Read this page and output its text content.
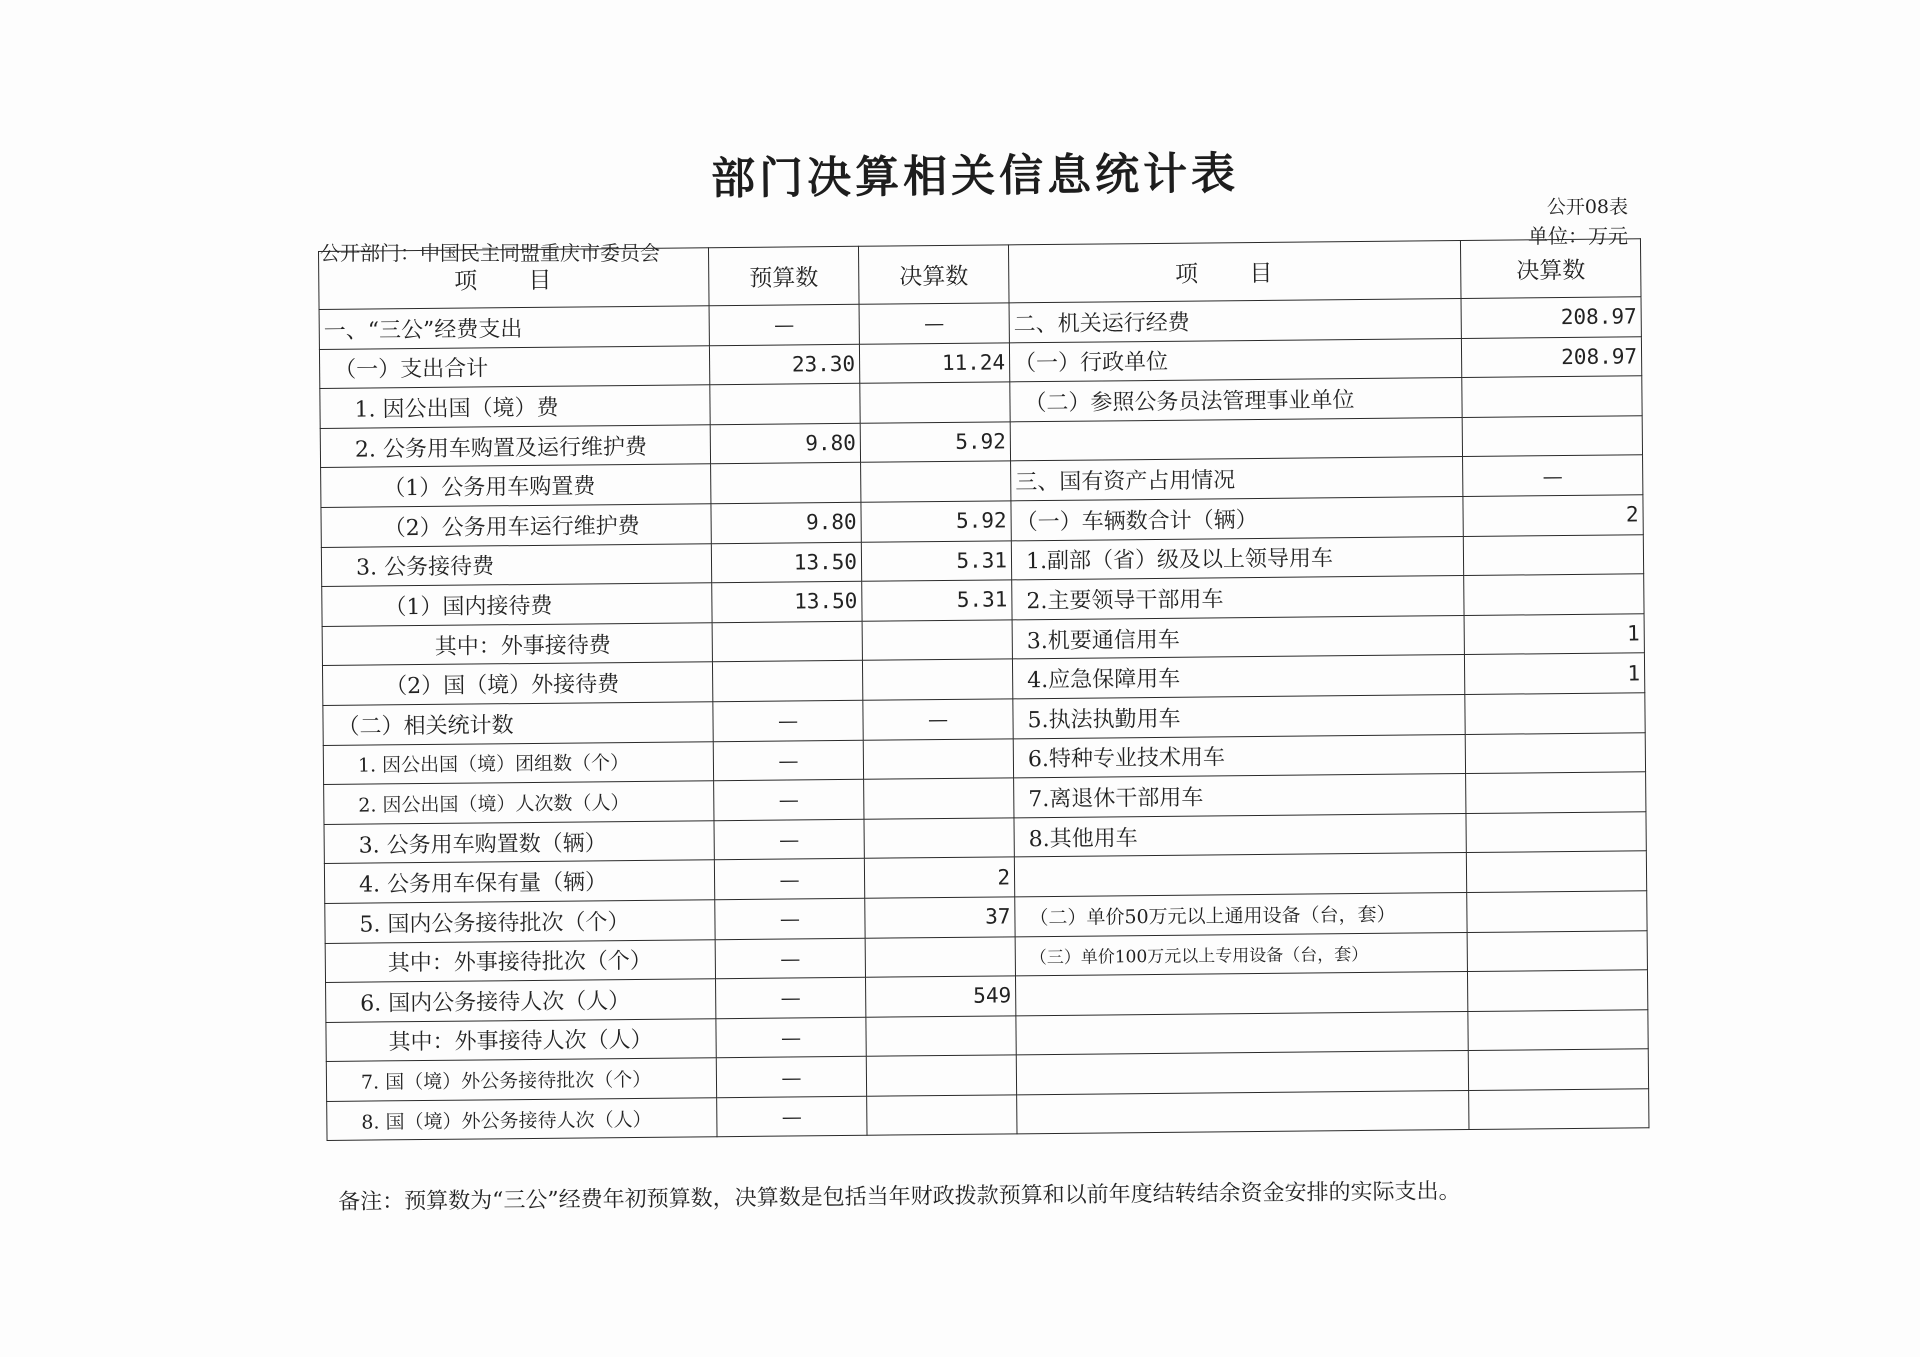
部门决算相关信息统计表
公开08表
单位：万元
公开部门：中国民主同盟重庆市委员会
项 目	预算数	决算数	项 目	决算数
一、“三公”经费支出	—	—	二、机关运行经费	208.97
（一）支出合计	23.30	11.24	（一）行政单位	208.97
1. 因公出国（境）费			（二）参照公务员法管理事业单位	
2. 公务用车购置及运行维护费	9.80	5.92		
（1）公务用车购置费			三、国有资产占用情况	—
（2）公务用车运行维护费	9.80	5.92	（一）车辆数合计（辆）	2
3. 公务接待费	13.50	5.31	1.副部（省）级及以上领导用车	
（1）国内接待费	13.50	5.31	2.主要领导干部用车	
其中：外事接待费			3.机要通信用车	1
（2）国（境）外接待费			4.应急保障用车	1
（二）相关统计数	—	—	5.执法执勤用车	
1. 因公出国（境）团组数（个）	—		6.特种专业技术用车	
2. 因公出国（境）人次数（人）	—		7.离退休干部用车	
3. 公务用车购置数（辆）	—		8.其他用车	
4. 公务用车保有量（辆）	—	2		
5. 国内公务接待批次（个）	—	37	（二）单价50万元以上通用设备（台，套）	
其中：外事接待批次（个）	—		（三）单价100万元以上专用设备（台，套）	
6. 国内公务接待人次（人）	—	549		
其中：外事接待人次（人）	—			
7. 国（境）外公务接待批次（个）	—			
8. 国（境）外公务接待人次（人）	—			
备注：预算数为“三公”经费年初预算数，决算数是包括当年财政拨款预算和以前年度结转结余资金安排的实际支出。
